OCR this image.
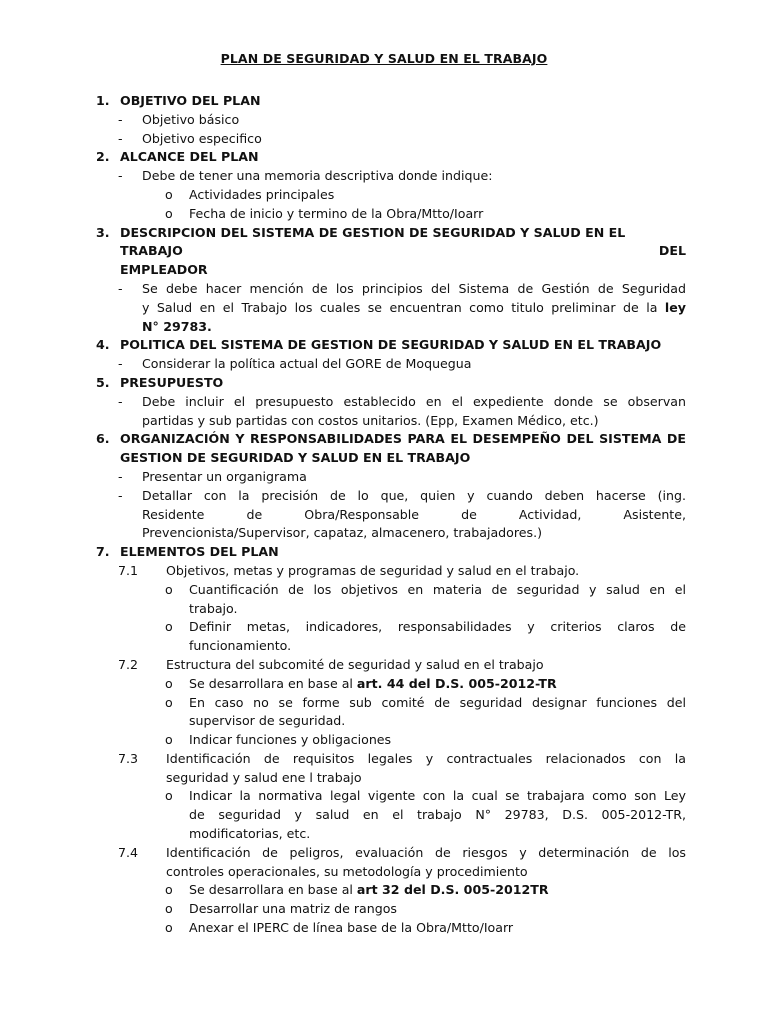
PLAN DE SEGURIDAD Y SALUD EN EL TRABAJO
1. OBJETIVO DEL PLAN
- Objetivo básico
- Objetivo especifico
2. ALCANCE DEL PLAN
- Debe de tener una memoria descriptiva donde indique:
o Actividades principales
o Fecha de inicio y termino de la Obra/Mtto/Ioarr
3. DESCRIPCION DEL SISTEMA DE GESTION DE SEGURIDAD Y SALUD EN EL TRABAJO DEL
EMPLEADOR
- Se debe hacer mención de los principios del Sistema de Gestión de Seguridad
y Salud en el Trabajo los cuales se encuentran como titulo preliminar de la ley
N° 29783.
4. POLITICA DEL SISTEMA DE GESTION DE SEGURIDAD Y SALUD EN EL TRABAJO
- Considerar la política actual del GORE de Moquegua
5. PRESUPUESTO
- Debe incluir el presupuesto establecido en el expediente donde se observan
partidas y sub partidas con costos unitarios. (Epp, Examen Médico, etc.)
6. ORGANIZACIÓN Y RESPONSABILIDADES PARA EL DESEMPEÑO DEL SISTEMA DE
GESTION DE SEGURIDAD Y SALUD EN EL TRABAJO
- Presentar un organigrama
- Detallar con la precisión de lo que, quien y cuando deben hacerse (ing.
Residente de Obra/Responsable de Actividad, Asistente,
Prevencionista/Supervisor, capataz, almacenero, trabajadores.)
7. ELEMENTOS DEL PLAN
7.1 Objetivos, metas y programas de seguridad y salud en el trabajo.
o Cuantificación de los objetivos en materia de seguridad y salud en el
trabajo.
o Definir metas, indicadores, responsabilidades y criterios claros de
funcionamiento.
7.2 Estructura del subcomité de seguridad y salud en el trabajo
o Se desarrollara en base al art. 44 del D.S. 005-2012-TR
o En caso no se forme sub comité de seguridad designar funciones del
supervisor de seguridad.
o Indicar funciones y obligaciones
7.3 Identificación de requisitos legales y contractuales relacionados con la
seguridad y salud ene l trabajo
o Indicar la normativa legal vigente con la cual se trabajara como son Ley
de seguridad y salud en el trabajo N° 29783, D.S. 005-2012-TR,
modificatorias, etc.
7.4 Identificación de peligros, evaluación de riesgos y determinación de los
controles operacionales, su metodología y procedimiento
o Se desarrollara en base al art 32 del D.S. 005-2012TR
o Desarrollar una matriz de rangos
o Anexar el IPERC de línea base de la Obra/Mtto/Ioarr
